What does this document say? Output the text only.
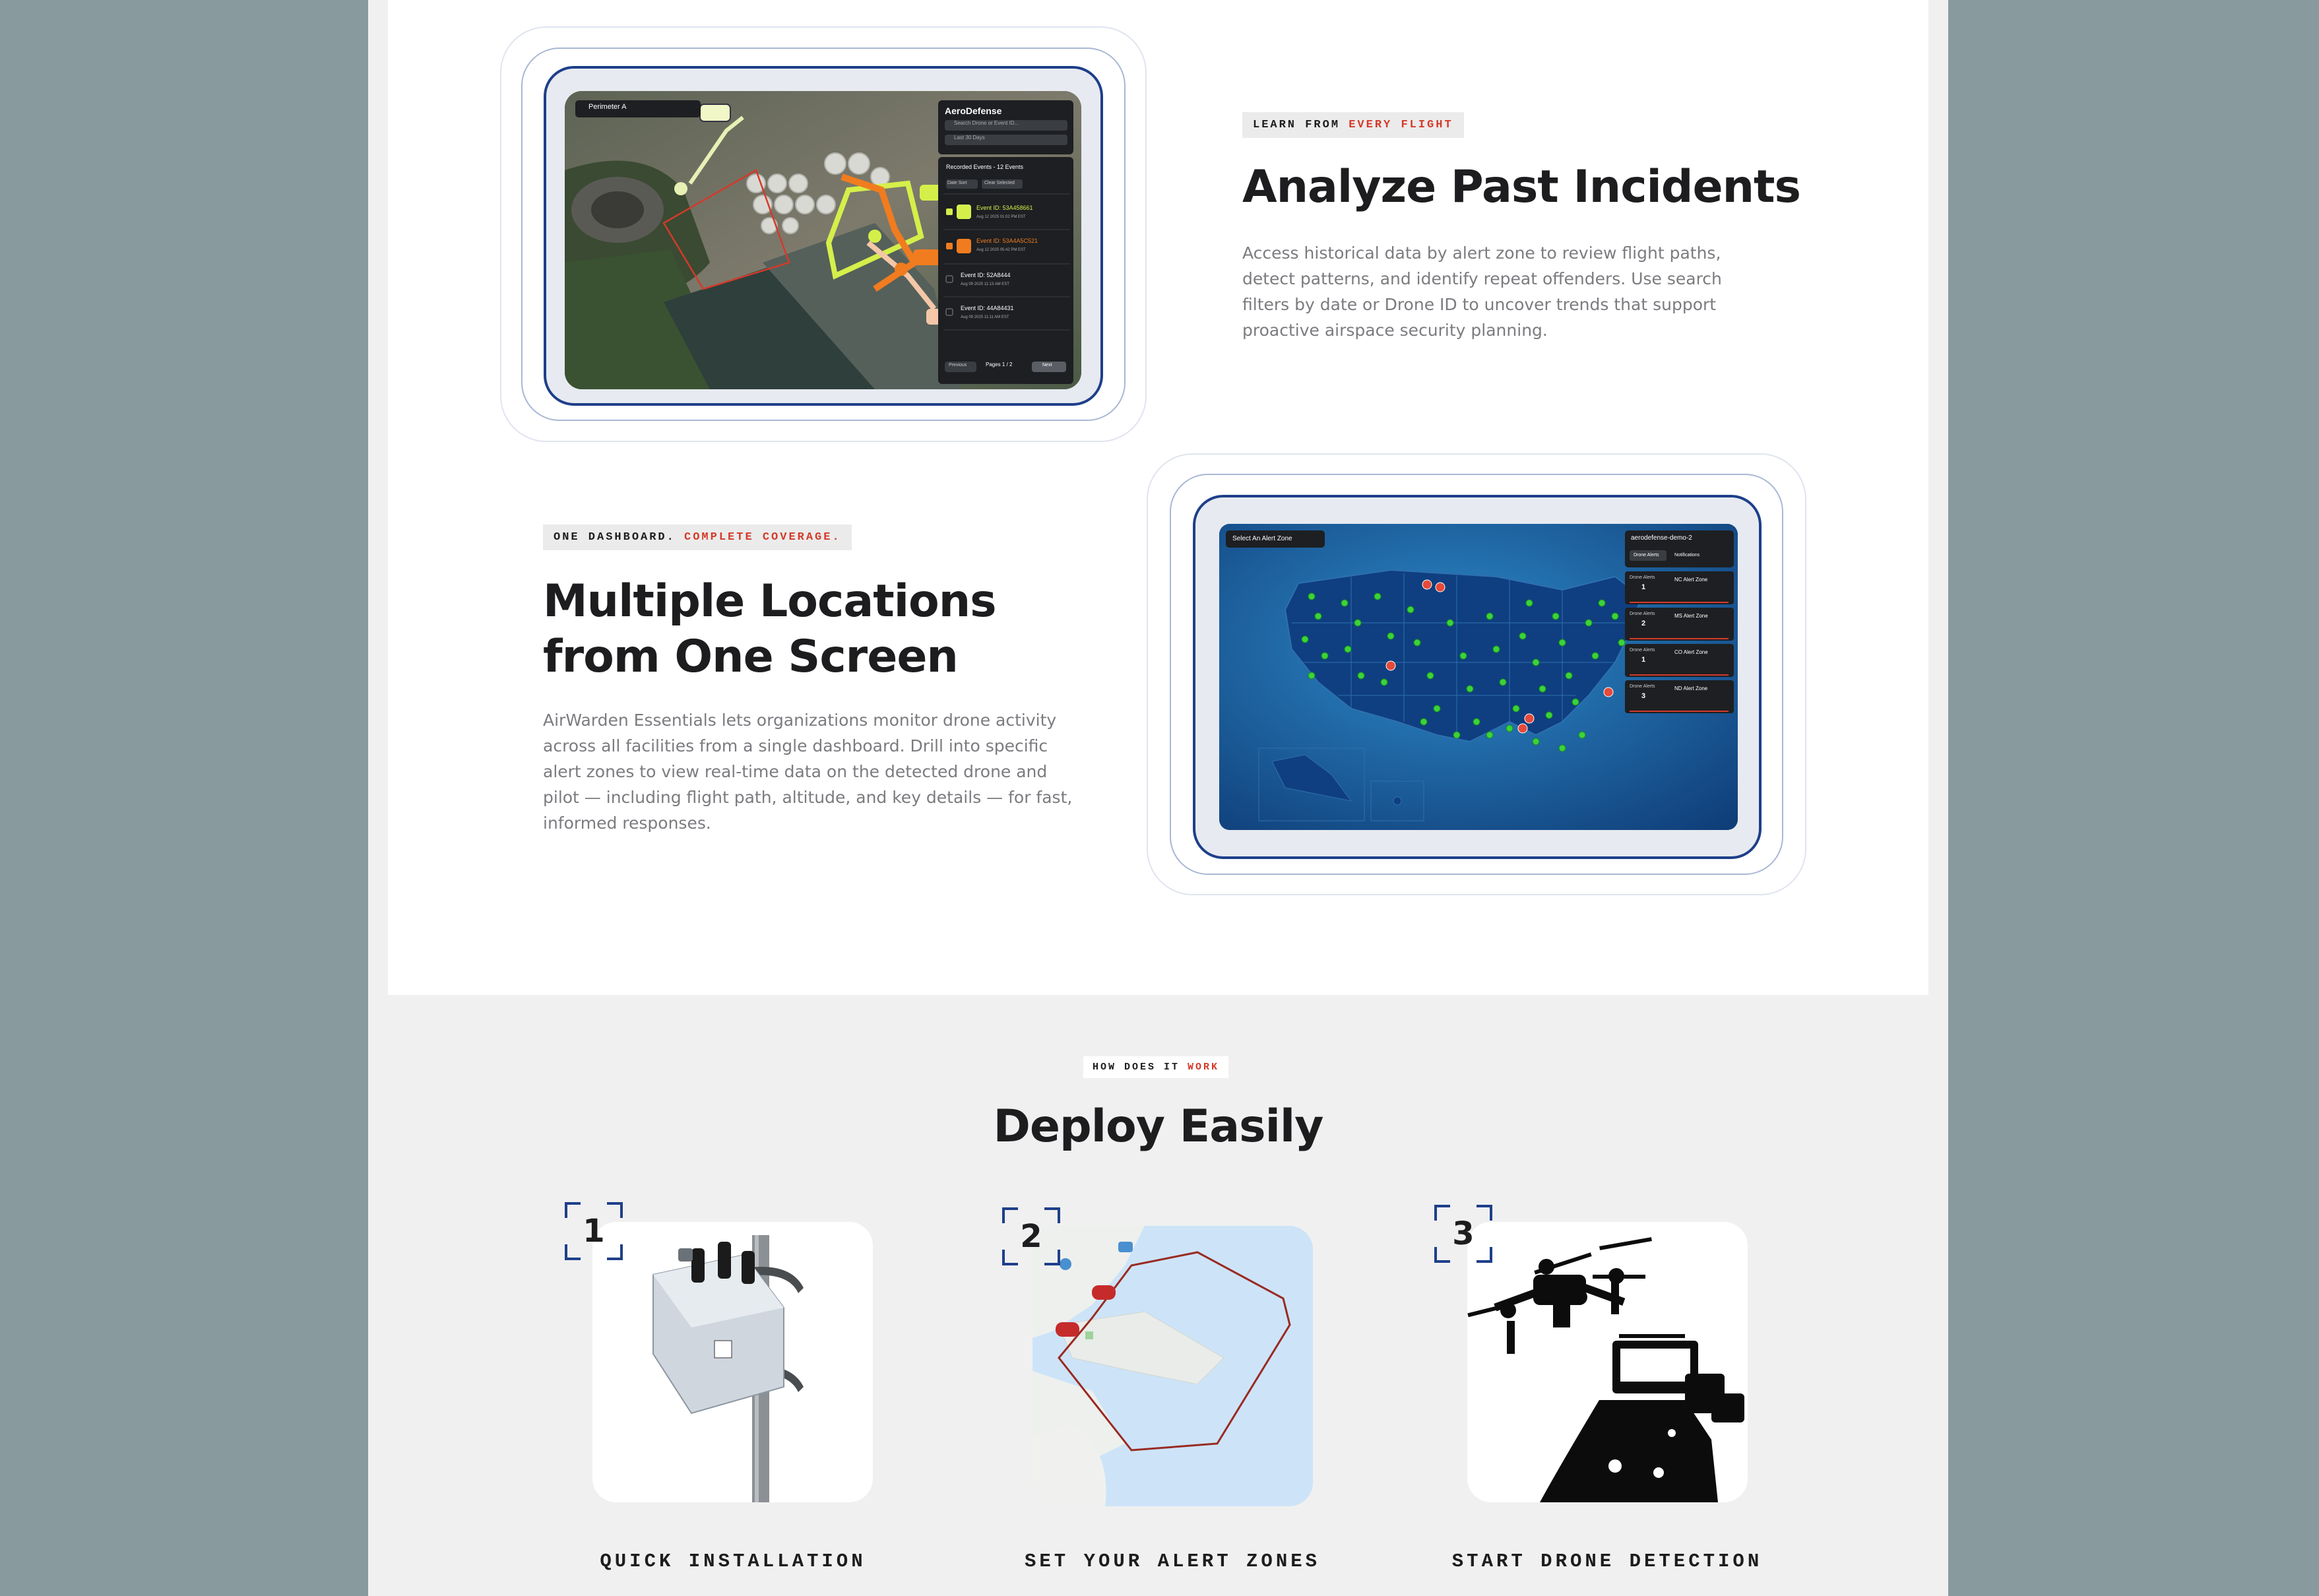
Perimeter A	AeroDefense
Search Drone or Event ID...
Last 30 Days
Recorded Events - 12 Events
Date Sort	Clear Selected
Event ID: 53A458661
Aug 12 2025 01:02 PM EST
Event ID: 53A4A5C521
Aug 12 2025 05:42 PM EST
Event ID: 52A8444
Aug 09 2025 11:13 AM EST
Event ID: 44A84431
Aug 09 2025 11:11 AM EST
Previous	Pages 1 / 2	Next
LEARN FROM EVERY FLIGHT
Analyze Past Incidents
Access historical data by alert zone to review flight paths,
detect patterns, and identify repeat offenders. Use search
filters by date or Drone ID to uncover trends that support
proactive airspace security planning.
ONE DASHBOARD. COMPLETE COVERAGE.
Multiple Locations
from One Screen
AirWarden Essentials lets organizations monitor drone activity
across all facilities from a single dashboard. Drill into specific
alert zones to view real-time data on the detected drone and
pilot — including flight path, altitude, and key details — for fast,
informed responses.
Select An Alert Zone	aerodefense-demo-2
Drone Alerts	Notifications
Drone Alerts
1
NC Alert Zone
Drone Alerts
2
MS Alert Zone
Drone Alerts
1
CO Alert Zone
Drone Alerts
3
ND Alert Zone
HOW DOES IT WORK
Deploy Easily
1
QUICK INSTALLATION
2
SET YOUR ALERT ZONES
3
START DRONE DETECTION
